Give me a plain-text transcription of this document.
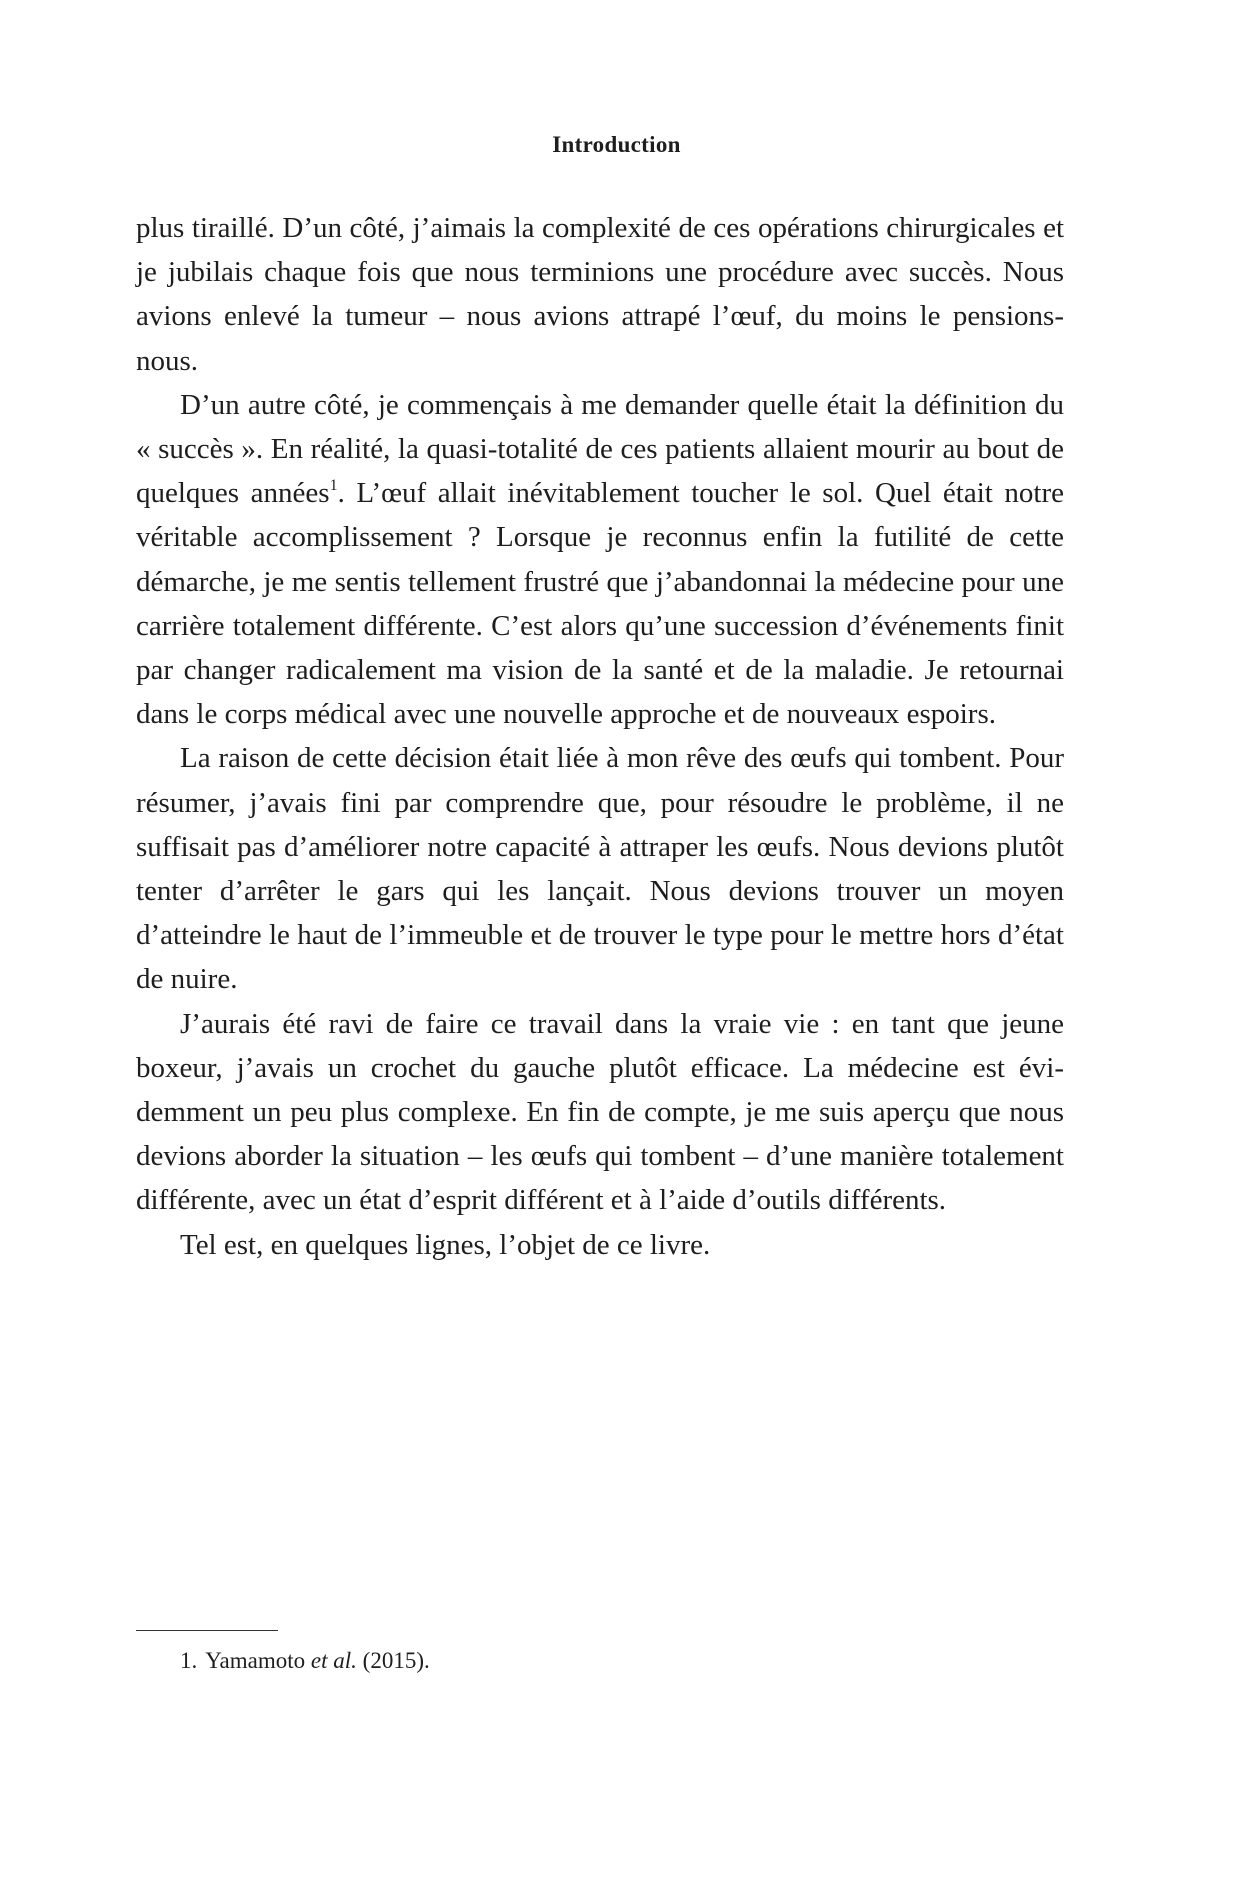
Introduction

plus tiraillé. D’un côté, j’aimais la complexité de ces opérations chirurgicales et je jubilais chaque fois que nous terminions une procédure avec succès. Nous avions enlevé la tumeur – nous avions attrapé l’œuf, du moins le pensions-nous.

D’un autre côté, je commençais à me demander quelle était la définition du « succès ». En réalité, la quasi-totalité de ces patients allaient mourir au bout de quelques années$^1$. L’œuf allait inévitablement toucher le sol. Quel était notre véritable accomplissement ? Lorsque je reconnus enfin la futilité de cette démarche, je me sentis tellement frustré que j’abandonnai la médecine pour une carrière totalement différente. C’est alors qu’une succession d’événements finit par changer radicalement ma vision de la santé et de la maladie. Je retournai dans le corps médical avec une nouvelle approche et de nouveaux espoirs.

La raison de cette décision était liée à mon rêve des œufs qui tombent. Pour résumer, j’avais fini par comprendre que, pour résoudre le problème, il ne suffisait pas d’améliorer notre capacité à attraper les œufs. Nous devions plutôt tenter d’arrêter le gars qui les lançait. Nous devions trouver un moyen d’atteindre le haut de l’immeuble et de trouver le type pour le mettre hors d’état de nuire.

J’aurais été ravi de faire ce travail dans la vraie vie : en tant que jeune boxeur, j’avais un crochet du gauche plutôt efficace. La médecine est évidemment un peu plus complexe. En fin de compte, je me suis aperçu que nous devions aborder la situation – les œufs qui tombent – d’une manière totalement différente, avec un état d’esprit différent et à l’aide d’outils différents.

Tel est, en quelques lignes, l’objet de ce livre.

1. Yamamoto et al. (2015).
